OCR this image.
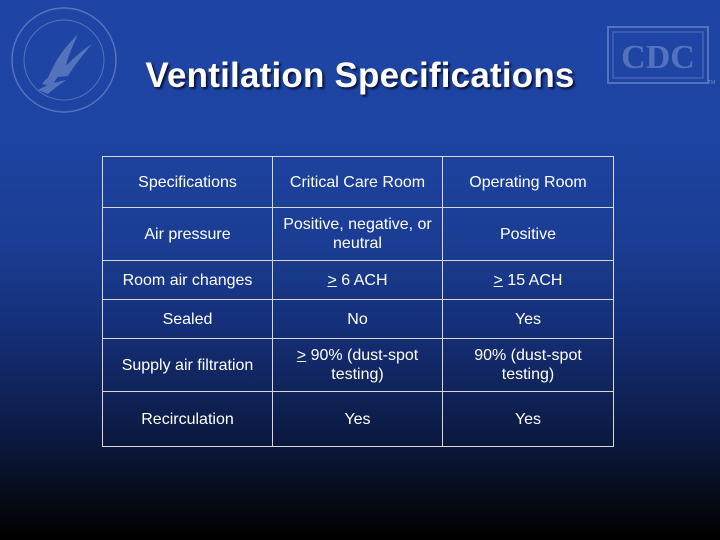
CDC
TM
Ventilation Specifications
Specifications	Critical Care Room	Operating Room
Air pressure	Positive, negative, or neutral	Positive
Room air changes	≥ 6 ACH	≥ 15 ACH
Sealed	No	Yes
Supply air filtration	≥ 90% (dust-spot testing)	90% (dust-spot testing)
Recirculation	Yes	Yes
